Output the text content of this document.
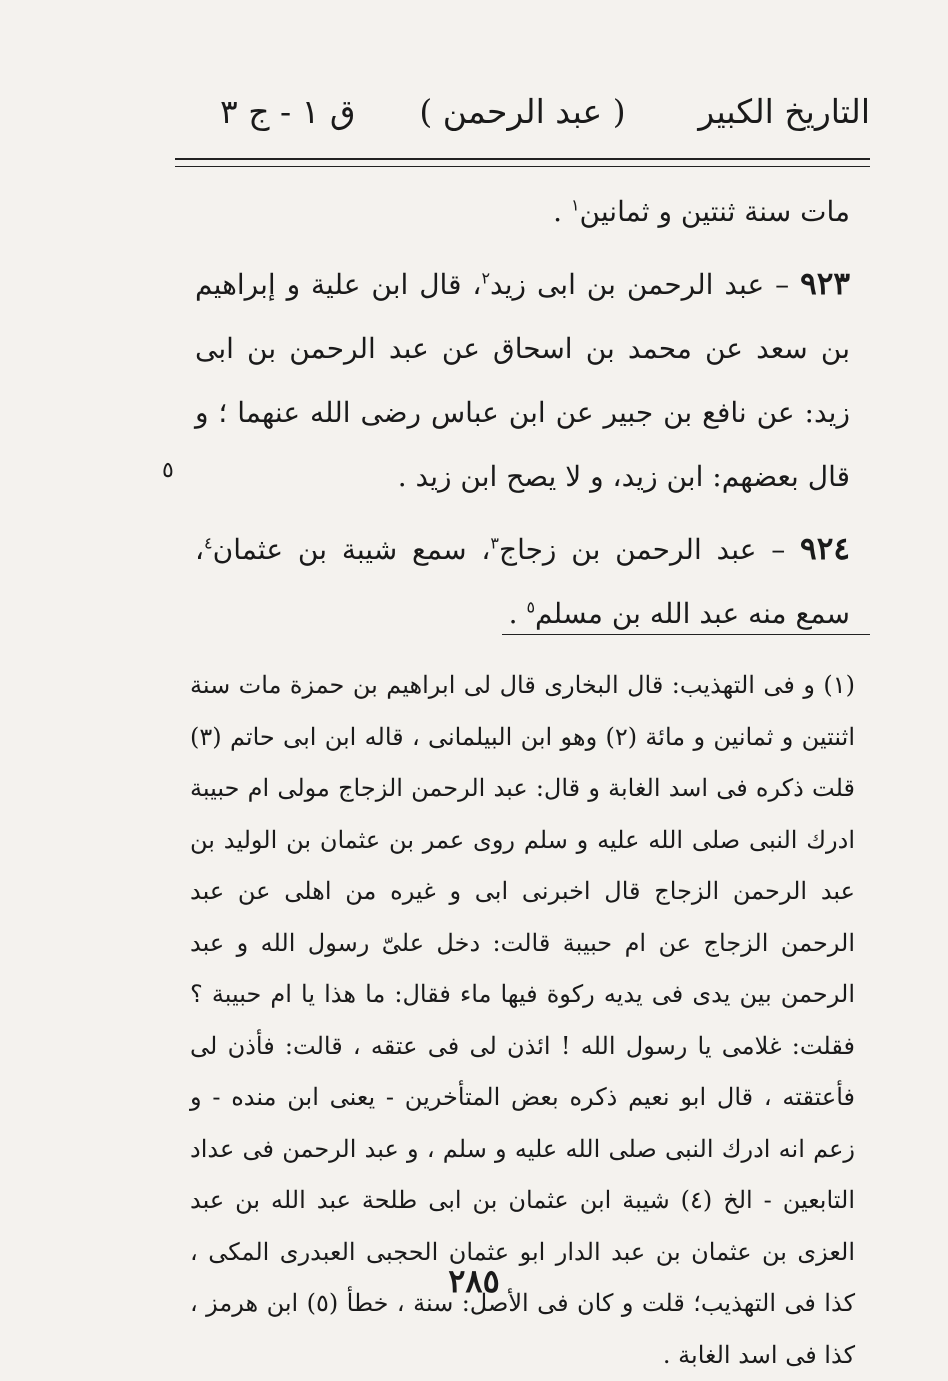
التاريخ الكبير
( عبد الرحمن )
ق ١ - ج ٣

مات سنة ثنتين و ثمانين$^١$ .

٩٢٣ – عبد الرحمن بن ابى زيد$^٢$، قال ابن علية و إبراهيم بن سعد عن محمد بن اسحاق عن عبد الرحمن بن ابى زيد: عن نافع بن جبير عن ابن عباس رضى الله عنهما ؛ و قال بعضهم: ابن زيد، و لا يصح ابن زيد .

٩٢٤ – عبد الرحمن بن زجاج$^٣$، سمع شيبة بن عثمان$^٤$، سمع منه عبد الله بن مسلم$^٥$ .

٥

(١) و فى التهذيب: قال البخارى قال لى ابراهيم بن حمزة مات سنة اثنتين و ثمانين و مائة (٢) وهو ابن البيلمانى ، قاله ابن ابى حاتم (٣) قلت ذكره فى اسد الغابة و قال: عبد الرحمن الزجاج مولى ام حبيبة ادرك النبى صلى الله عليه و سلم روى عمر بن عثمان بن الوليد بن عبد الرحمن الزجاج قال اخبرنى ابى و غيره من اهلى عن عبد الرحمن الزجاج عن ام حبيبة قالت: دخل علىّ رسول الله و عبد الرحمن بين يدى فى يديه ركوة فيها ماء فقال: ما هذا يا ام حبيبة ؟ فقلت: غلامى يا رسول الله ! ائذن لى فى عتقه ، قالت: فأذن لى فأعتقته ، قال ابو نعيم ذكره بعض المتأخرين - يعنى ابن منده - و زعم انه ادرك النبى صلى الله عليه و سلم ، و عبد الرحمن فى عداد التابعين - الخ (٤) شيبة ابن عثمان بن ابى طلحة عبد الله بن عبد العزى بن عثمان بن عبد الدار ابو عثمان الحجبى العبدرى المكى ، كذا فى التهذيب؛ قلت و كان فى الأصل: سنة ، خطأ (٥) ابن هرمز ، كذا فى اسد الغابة .

٢٨٥
